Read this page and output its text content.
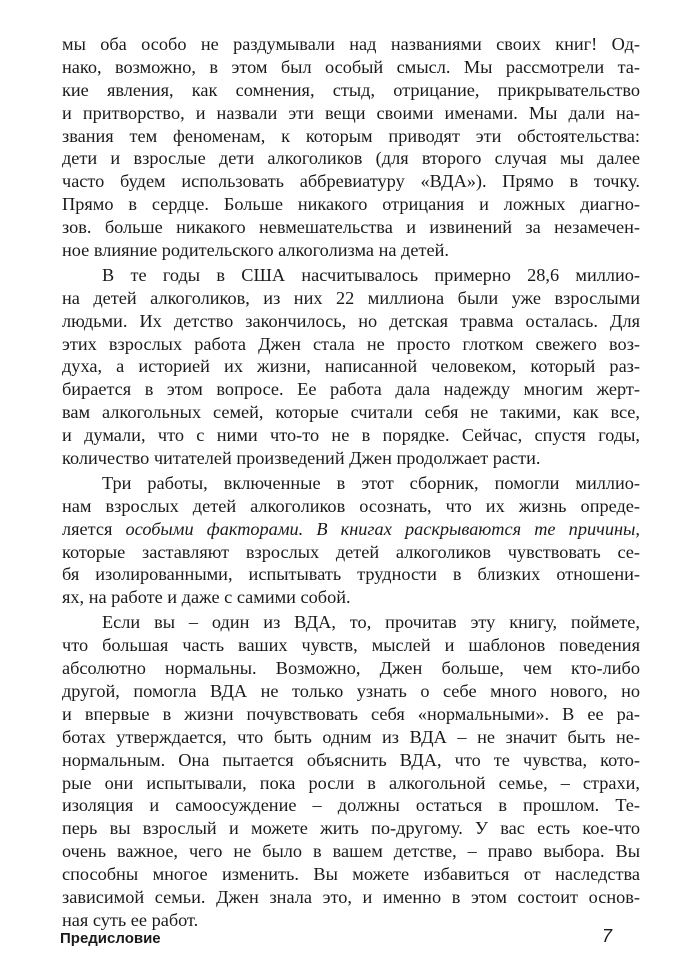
мы оба особо не раздумывали над названиями своих книг! Од-
нако, возможно, в этом был особый смысл. Мы рассмотрели та-
кие явления, как сомнения, стыд, отрицание, прикрывательство
и притворство, и назвали эти вещи своими именами. Мы дали на-
звания тем феноменам, к которым приводят эти обстоятельства:
дети и взрослые дети алкоголиков (для второго случая мы далее
часто будем использовать аббревиатуру «ВДА»). Прямо в точку.
Прямо в сердце. Больше никакого отрицания и ложных диагно-
зов. больше никакого невмешательства и извинений за незамечен-
ное влияние родительского алкоголизма на детей.
В те годы в США насчитывалось примерно 28,6 миллио-
на детей алкоголиков, из них 22 миллиона были уже взрослыми
людьми. Их детство закончилось, но детская травма осталась. Для
этих взрослых работа Джен стала не просто глотком свежего воз-
духа, а историей их жизни, написанной человеком, который раз-
бирается в этом вопросе. Ее работа дала надежду многим жерт-
вам алкогольных семей, которые считали себя не такими, как все,
и думали, что с ними что-то не в порядке. Сейчас, спустя годы,
количество читателей произведений Джен продолжает расти.
Три работы, включенные в этот сборник, помогли миллио-
нам взрослых детей алкоголиков осознать, что их жизнь опреде-
ляется особыми факторами. В книгах раскрываются те причины,
которые заставляют взрослых детей алкоголиков чувствовать се-
бя изолированными, испытывать трудности в близких отношени-
ях, на работе и даже с самими собой.
Если вы – один из ВДА, то, прочитав эту книгу, поймете,
что большая часть ваших чувств, мыслей и шаблонов поведения
абсолютно нормальны. Возможно, Джен больше, чем кто-либо
другой, помогла ВДА не только узнать о себе много нового, но
и впервые в жизни почувствовать себя «нормальными». В ее ра-
ботах утверждается, что быть одним из ВДА – не значит быть не-
нормальным. Она пытается объяснить ВДА, что те чувства, кото-
рые они испытывали, пока росли в алкогольной семье, – страхи,
изоляция и самоосуждение – должны остаться в прошлом. Те-
перь вы взрослый и можете жить по-другому. У вас есть кое-что
очень важное, чего не было в вашем детстве, – право выбора. Вы
способны многое изменить. Вы можете избавиться от наследства
зависимой семьи. Джен знала это, и именно в этом состоит основ-
ная суть ее работ.
Предисловие	7
